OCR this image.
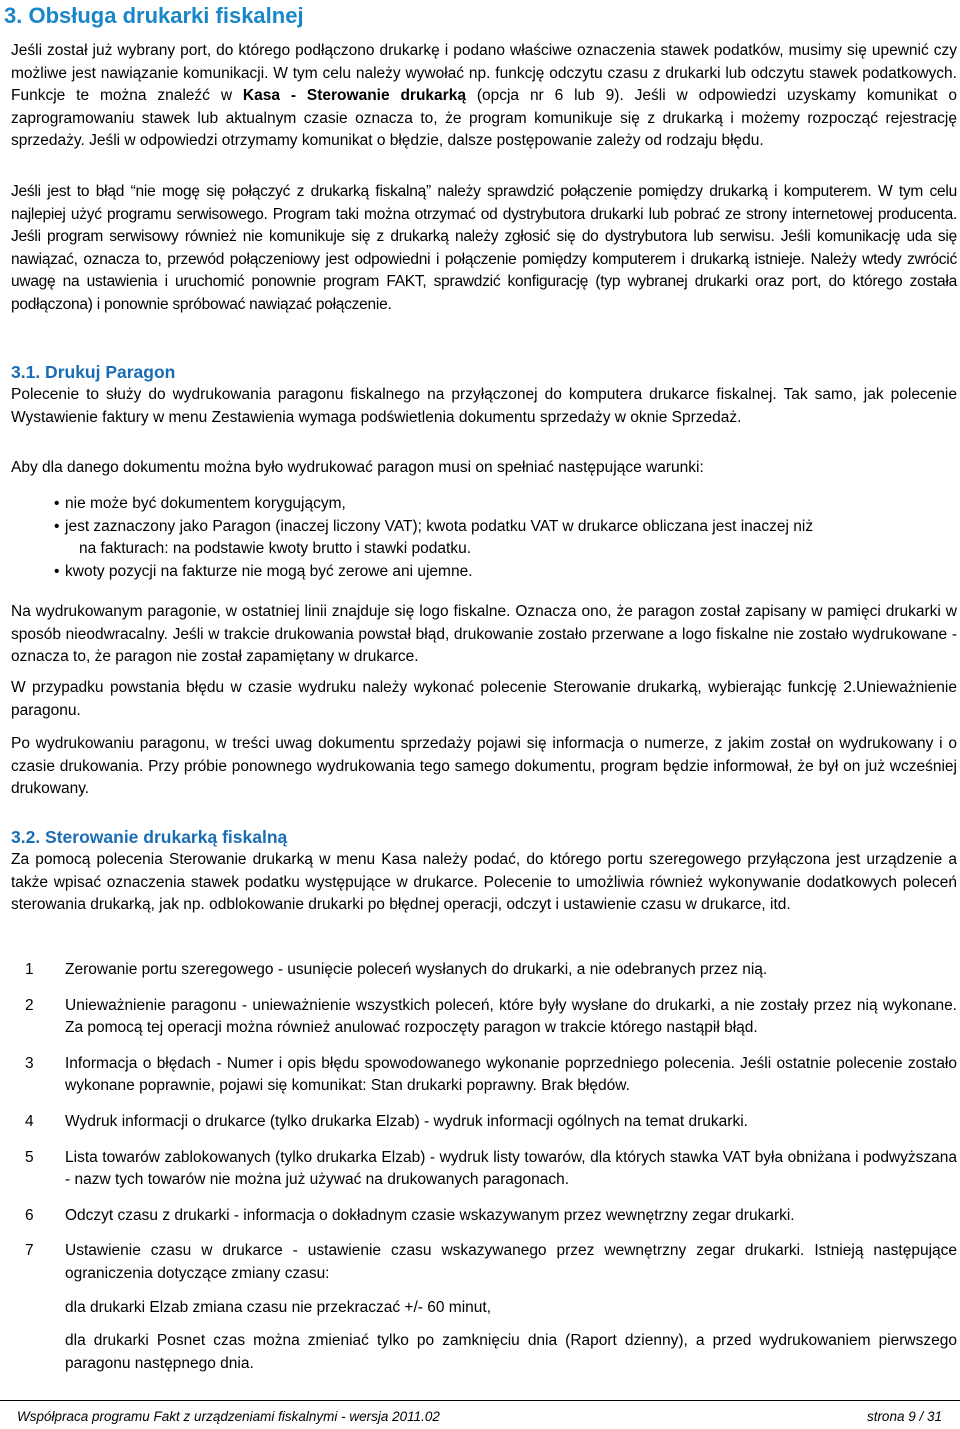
3. Obsługa drukarki fiskalnej

Jeśli został już wybrany port, do którego podłączono drukarkę i podano właściwe oznaczenia stawek podatków, musimy się upewnić czy możliwe jest nawiązanie komunikacji. W tym celu należy wywołać np. funkcję odczytu czasu z drukarki lub odczytu stawek podatkowych. Funkcje te można znaleźć w Kasa - Sterowanie drukarką (opcja nr 6 lub 9). Jeśli w odpowiedzi uzyskamy komunikat o zaprogramowaniu stawek lub aktualnym czasie oznacza to, że program komunikuje się z drukarką i możemy rozpocząć rejestrację sprzedaży. Jeśli w odpowiedzi otrzymamy komunikat o błędzie, dalsze postępowanie zależy od rodzaju błędu.

Jeśli jest to błąd “nie mogę się połączyć z drukarką fiskalną” należy sprawdzić połączenie pomiędzy drukarką i komputerem. W tym celu najlepiej użyć programu serwisowego. Program taki można otrzymać od dystrybutora drukarki lub pobrać ze strony internetowej producenta. Jeśli program serwisowy również nie komunikuje się z drukarką należy zgłosić się do dystrybutora lub serwisu. Jeśli komunikację uda się nawiązać, oznacza to, przewód połączeniowy jest odpowiedni i połączenie pomiędzy komputerem i drukarką istnieje. Należy wtedy zwrócić uwagę na ustawienia i uruchomić ponownie program FAKT, sprawdzić konfigurację (typ wybranej drukarki oraz port, do którego została podłączona) i ponownie spróbować nawiązać połączenie.

3.1. Drukuj Paragon

Polecenie to służy do wydrukowania paragonu fiskalnego na przyłączonej do komputera drukarce fiskalnej. Tak samo, jak polecenie Wystawienie faktury w menu Zestawienia wymaga podświetlenia dokumentu sprzedaży w oknie Sprzedaż.

Aby dla danego dokumentu można było wydrukować paragon musi on spełniać następujące warunki:

• nie może być dokumentem korygującym,
• jest zaznaczony jako Paragon (inaczej liczony VAT); kwota podatku VAT w drukarce obliczana jest inaczej niż
na fakturach: na podstawie kwoty brutto i stawki podatku.
• kwoty pozycji na fakturze nie mogą być zerowe ani ujemne.

Na wydrukowanym paragonie, w ostatniej linii znajduje się logo fiskalne. Oznacza ono, że paragon został zapisany w pamięci drukarki w sposób nieodwracalny. Jeśli w trakcie drukowania powstał błąd, drukowanie zostało przerwane a logo fiskalne nie zostało wydrukowane - oznacza to, że paragon nie został zapamiętany w drukarce.

W przypadku powstania błędu w czasie wydruku należy wykonać polecenie Sterowanie drukarką, wybierając funkcję 2.Unieważnienie paragonu.

Po wydrukowaniu paragonu, w treści uwag dokumentu sprzedaży pojawi się informacja o numerze, z jakim został on wydrukowany i o czasie drukowania. Przy próbie ponownego wydrukowania tego samego dokumentu, program będzie informował, że był on już wcześniej drukowany.

3.2. Sterowanie drukarką fiskalną

Za pomocą polecenia Sterowanie drukarką w menu Kasa należy podać, do którego portu szeregowego przyłączona jest urządzenie a także wpisać oznaczenia stawek podatku występujące w drukarce. Polecenie to umożliwia również wykonywanie dodatkowych poleceń sterowania drukarką, jak np. odblokowanie drukarki po błędnej operacji, odczyt i ustawienie czasu w drukarce, itd.

1 Zerowanie portu szeregowego - usunięcie poleceń wysłanych do drukarki, a nie odebranych przez nią.

2 Unieważnienie paragonu - unieważnienie wszystkich poleceń, które były wysłane do drukarki, a nie zostały przez nią wykonane. Za pomocą tej operacji można również anulować rozpoczęty paragon w trakcie którego nastąpił błąd.

3 Informacja o błędach - Numer i opis błędu spowodowanego wykonanie poprzedniego polecenia. Jeśli ostatnie polecenie zostało wykonane poprawnie, pojawi się komunikat: Stan drukarki poprawny. Brak błędów.

4 Wydruk informacji o drukarce (tylko drukarka Elzab) - wydruk informacji ogólnych na temat drukarki.

5 Lista towarów zablokowanych (tylko drukarka Elzab) - wydruk listy towarów, dla których stawka VAT była obniżana i podwyższana - nazw tych towarów nie można już używać na drukowanych paragonach.

6 Odczyt czasu z drukarki - informacja o dokładnym czasie wskazywanym przez wewnętrzny zegar drukarki.

7 Ustawienie czasu w drukarce - ustawienie czasu wskazywanego przez wewnętrzny zegar drukarki. Istnieją następujące ograniczenia dotyczące zmiany czasu:

dla drukarki Elzab zmiana czasu nie przekraczać +/- 60 minut,

dla drukarki Posnet czas można zmieniać tylko po zamknięciu dnia (Raport dzienny), a przed wydrukowaniem pierwszego paragonu następnego dnia.

Współpraca programu Fakt z urządzeniami fiskalnymi - wersja 2011.02	strona 9 / 31
